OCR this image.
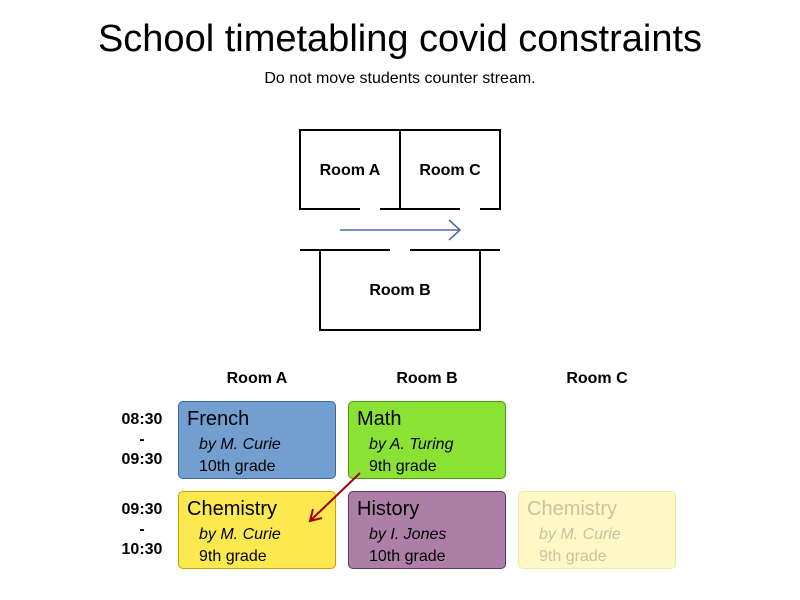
School timetabling covid constraints
Do not move students counter stream.
Room A Room C
Room B
Room A	Room B	Room C
08:30
-
09:30
09:30
-
10:30
French
by M. Curie
10th grade
Math
by A. Turing
9th grade
Chemistry
by M. Curie
9th grade
History
by I. Jones
10th grade
Chemistry
by M. Curie
9th grade
